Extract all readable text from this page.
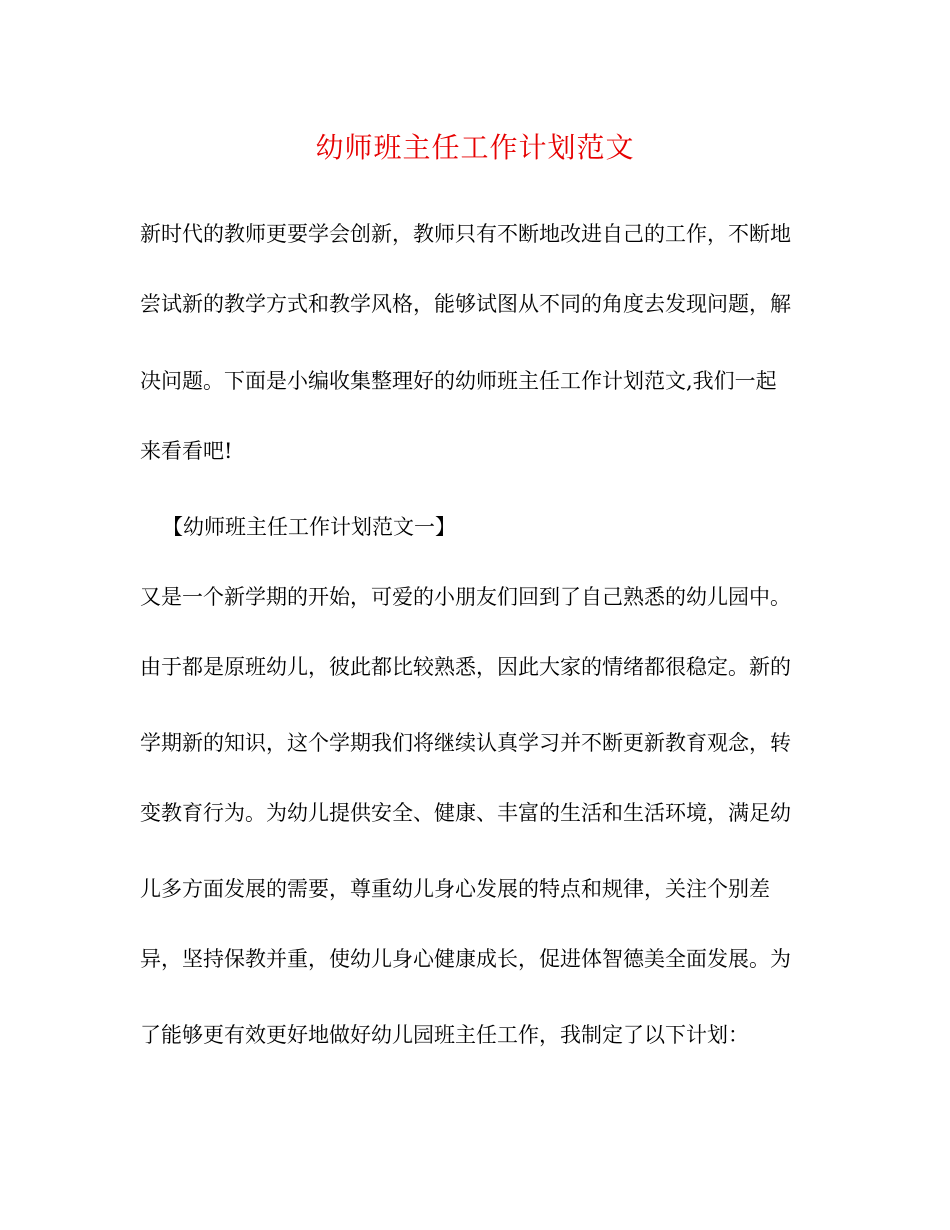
幼师班主任工作计划范文
新时代的教师更要学会创新，教师只有不断地改进自己的工作，不断地
尝试新的教学方式和教学风格，能够试图从不同的角度去发现问题，解
决问题。下面是小编收集整理好的幼师班主任工作计划范文,我们一起
来看看吧!
【幼师班主任工作计划范文一】
又是一个新学期的开始，可爱的小朋友们回到了自己熟悉的幼儿园中。
由于都是原班幼儿，彼此都比较熟悉，因此大家的情绪都很稳定。新的
学期新的知识，这个学期我们将继续认真学习并不断更新教育观念，转
变教育行为。为幼儿提供安全、健康、丰富的生活和生活环境，满足幼
儿多方面发展的需要，尊重幼儿身心发展的特点和规律，关注个别差
异，坚持保教并重，使幼儿身心健康成长，促进体智德美全面发展。为
了能够更有效更好地做好幼儿园班主任工作，我制定了以下计划：
